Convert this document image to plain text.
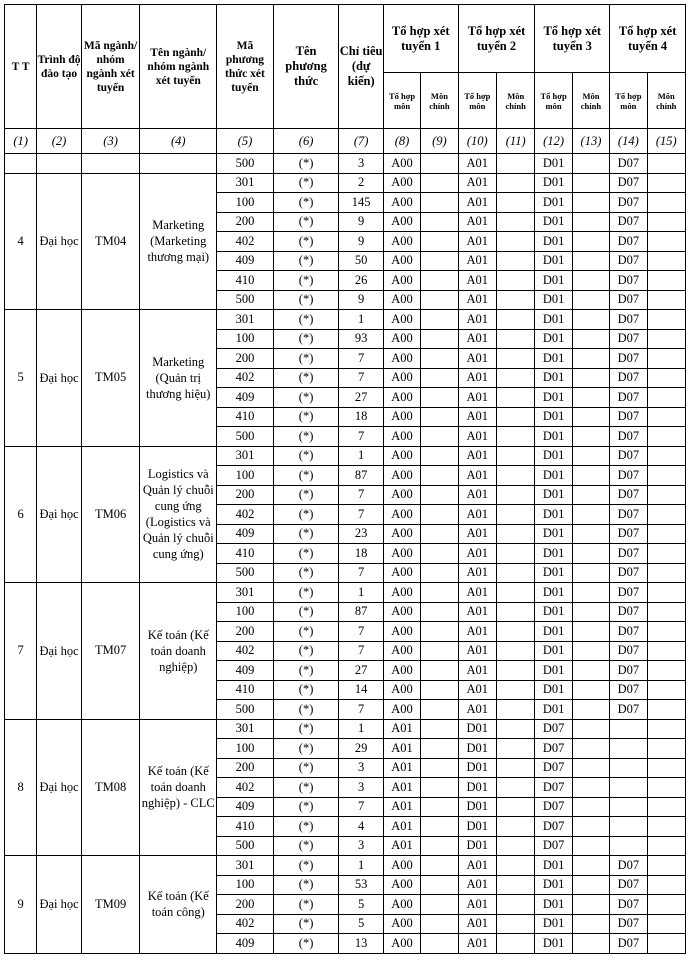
T T	Trình độ đào tạo	Mã ngành/ nhóm ngành xét tuyển	Tên ngành/ nhóm ngành xét tuyển	Mã phương thức xét tuyển	Tên phương thức	Chỉ tiêu (dự kiến)	Tổ hợp xét tuyển 1		Tổ hợp xét tuyển 2		Tổ hợp xét tuyển 3		Tổ hợp xét tuyển 4	
							Tổ hợp môn	Môn chính	Tổ hợp môn	Môn chính	Tổ hợp môn	Môn chính	Tổ hợp môn	Môn chính
(1)	(2)	(3)	(4)	(5)	(6)	(7)	(8)	(9)	(10)	(11)	(12)	(13)	(14)	(15)
				500	(*)	3	A00		A01		D01		D07	
4	Đại học	TM04	Marketing (Marketing thương mại)	301	(*)	2	A00		A01		D01		D07	
				100	(*)	145	A00		A01		D01		D07	
				200	(*)	9	A00		A01		D01		D07	
				402	(*)	9	A00		A01		D01		D07	
				409	(*)	50	A00		A01		D01		D07	
				410	(*)	26	A00		A01		D01		D07	
				500	(*)	9	A00		A01		D01		D07	
5	Đại học	TM05	Marketing (Quản trị thương hiệu)	301	(*)	1	A00		A01		D01		D07	
				100	(*)	93	A00		A01		D01		D07	
				200	(*)	7	A00		A01		D01		D07	
				402	(*)	7	A00		A01		D01		D07	
				409	(*)	27	A00		A01		D01		D07	
				410	(*)	18	A00		A01		D01		D07	
				500	(*)	7	A00		A01		D01		D07	
6	Đại học	TM06	Logistics và Quản lý chuỗi cung ứng (Logistics và Quản lý chuỗi cung ứng)	301	(*)	1	A00		A01		D01		D07	
				100	(*)	87	A00		A01		D01		D07	
				200	(*)	7	A00		A01		D01		D07	
				402	(*)	7	A00		A01		D01		D07	
				409	(*)	23	A00		A01		D01		D07	
				410	(*)	18	A00		A01		D01		D07	
				500	(*)	7	A00		A01		D01		D07	
7	Đại học	TM07	Kế toán (Kế toán doanh nghiệp)	301	(*)	1	A00		A01		D01		D07	
				100	(*)	87	A00		A01		D01		D07	
				200	(*)	7	A00		A01		D01		D07	
				402	(*)	7	A00		A01		D01		D07	
				409	(*)	27	A00		A01		D01		D07	
				410	(*)	14	A00		A01		D01		D07	
				500	(*)	7	A00		A01		D01		D07	
8	Đại học	TM08	Kế toán (Kế toán doanh nghiệp) - CLC	301	(*)	1	A01		D01		D07			
				100	(*)	29	A01		D01		D07			
				200	(*)	3	A01		D01		D07			
				402	(*)	3	A01		D01		D07			
				409	(*)	7	A01		D01		D07			
				410	(*)	4	A01		D01		D07			
				500	(*)	3	A01		D01		D07			
9	Đại học	TM09	Kế toán (Kế toán công)	301	(*)	1	A00		A01		D01		D07	
				100	(*)	53	A00		A01		D01		D07	
				200	(*)	5	A00		A01		D01		D07	
				402	(*)	5	A00		A01		D01		D07	
				409	(*)	13	A00		A01		D01		D07	
